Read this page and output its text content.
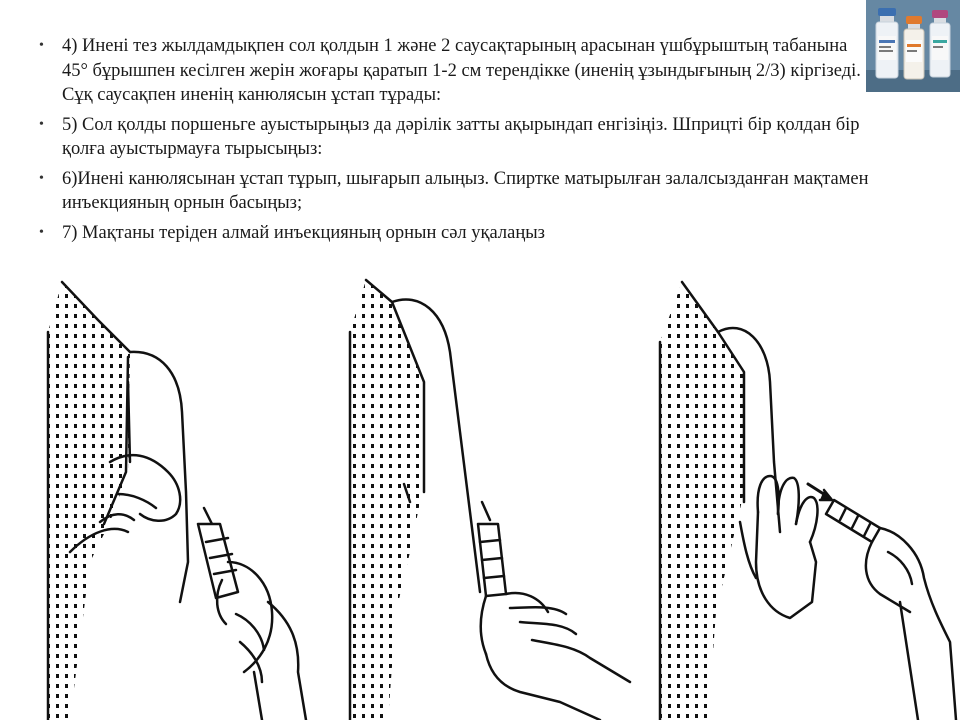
• 4) Инені тез жылдамдықпен сол қолдын 1 және 2 саусақтарының арасынан үшбұрыштың табанына 45° бұрышпен кесілген жерін жоғары қаратып 1-2 см терендікке (иненің ұзындығының 2/3) кіргізеді. Сұқ саусақпен иненің канюлясын ұстап тұрады:
• 5) Сол қолды поршеньге ауыстырыңыз да дәрілік затты ақырындап енгізіңіз. Шприцті бір қолдан бір қолға ауыстырмауға тырысыңыз:
• 6)Инені канюлясынан ұстап тұрып, шығарып алыңыз. Спиртке матырылған залалсызданған мақтамен инъекцияның орнын басыңыз;
• 7) Мақтаны теріден алмай инъекцияның орнын сәл уқалаңыз
